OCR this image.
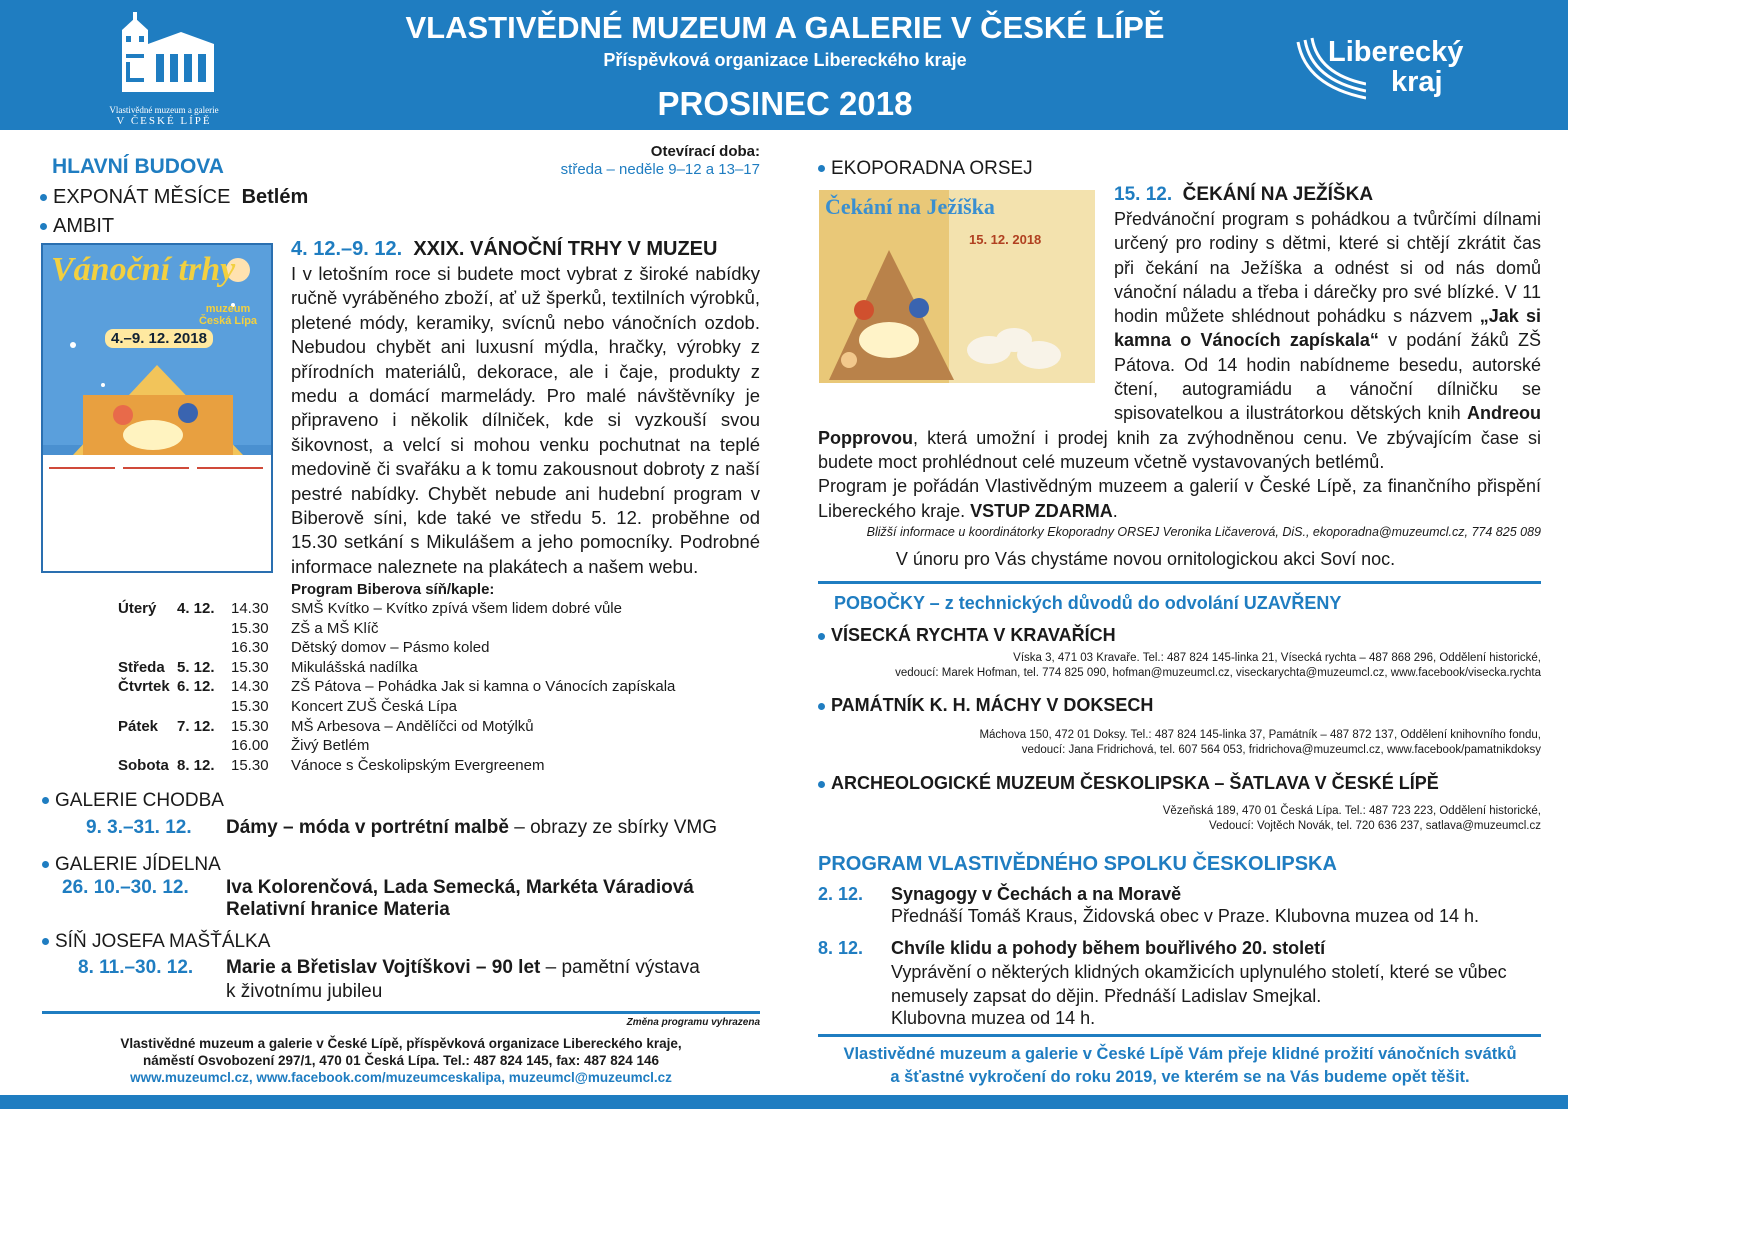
Vlastivědné muzeum a galerie
V ČESKÉ LÍPĚ
VLASTIVĚDNÉ MUZEUM A GALERIE V ČESKÉ LÍPĚ
Příspěvková organizace Libereckého kraje
PROSINEC 2018
Liberecký
kraj
HLAVNÍ BUDOVA
Otevírací doba:
středa – neděle 9–12 a 13–17
EXPONÁT MĚSÍCE Betlém
AMBIT
Vánoční trhy
muzeum Česká Lípa
4.–9. 12. 2018
4. 12.–9. 12. XXIX. VÁNOČNÍ TRHY V MUZEU
I v letošním roce si budete moct vybrat z široké nabídky ručně vyráběného zboží, ať už šperků, textilních výrobků, pletené módy, keramiky, svícnů nebo vánočních ozdob. Nebudou chybět ani luxusní mýdla, hračky, výrobky z přírodních materiálů, dekorace, ale i čaje, produkty z medu a domácí marmelády. Pro malé návštěvníky je připraveno i několik dílniček, kde si vyzkouší svou šikovnost, a velcí si mohou venku pochutnat na teplé medovině či svařáku a k tomu zakousnout dobroty z naší pestré nabídky. Chybět nebude ani hudební program v Biberově síni, kde také ve středu 5. 12. proběhne od 15.30 setkání s Mikulášem a jeho pomocníky. Podrobné informace naleznete na plakátech a našem webu.
Program Biberova síň/kaple:
Úterý 4. 12. 14.30 SMŠ Kvítko – Kvítko zpívá všem lidem dobré vůle
15.30 ZŠ a MŠ Klíč
16.30 Dětský domov – Pásmo koled
Středa 5. 12. 15.30 Mikulášská nadílka
Čtvrtek 6. 12. 14.30 ZŠ Pátova – Pohádka Jak si kamna o Vánocích zapískala
15.30 Koncert ZUŠ Česká Lípa
Pátek 7. 12. 15.30 MŠ Arbesova – Andělíčci od Motýlků
16.00 Živý Betlém
Sobota 8. 12. 15.30 Vánoce s Českolipským Evergreenem
GALERIE CHODBA
9. 3.–31. 12. Dámy – móda v portrétní malbě – obrazy ze sbírky VMG
GALERIE JÍDELNA
26. 10.–30. 12. Iva Kolorenčová, Lada Semecká, Markéta Váradiová
Relativní hranice Materia
SÍŇ JOSEFA MAŠŤÁLKA
8. 11.–30. 12. Marie a Břetislav Vojtíškovi – 90 let – pamětní výstava
k životnímu jubileu
Změna programu vyhrazena
Vlastivědné muzeum a galerie v České Lípě, příspěvková organizace Libereckého kraje,
náměstí Osvobození 297/1, 470 01 Česká Lípa. Tel.: 487 824 145, fax: 487 824 146
www.muzeumcl.cz, www.facebook.com/muzeumceskalipa, muzeumcl@muzeumcl.cz
EKOPORADNA ORSEJ
Čekání na Ježíška
15. 12. 2018
15. 12. ČEKÁNÍ NA JEŽÍŠKA
Předvánoční program s pohádkou a tvůrčími dílnami určený pro rodiny s dětmi, které si chtějí zkrátit čas při čekání na Ježíška a odnést si od nás domů vánoční náladu a třeba i dárečky pro své blízké. V 11 hodin můžete shlédnout pohádku s názvem „Jak si kamna o Vánocích zapískala“ v podání žáků ZŠ Pátova. Od 14 hodin nabídneme besedu, autorské čtení, autogramiádu a vánoční dílničku se spisovatelkou a ilustrátorkou dětských knih Andreou Popprovou, která umožní i prodej knih za zvýhodněnou cenu. Ve zbývajícím čase si budete moct prohlédnout celé muzeum včetně vystavovaných betlémů.
Program je pořádán Vlastivědným muzeem a galerií v České Lípě, za finančního přispění Libereckého kraje. VSTUP ZDARMA.
Bližší informace u koordinátorky Ekoporadny ORSEJ Veronika Ličaverová, DiS., ekoporadna@muzeumcl.cz, 774 825 089
V únoru pro Vás chystáme novou ornitologickou akci Soví noc.
POBOČKY – z technických důvodů do odvolání UZAVŘENY
VÍSECKÁ RYCHTA V KRAVAŘÍCH
Víska 3, 471 03 Kravaře. Tel.: 487 824 145-linka 21, Vísecká rychta – 487 868 296, Oddělení historické,
vedoucí: Marek Hofman, tel. 774 825 090, hofman@muzeumcl.cz, viseckarychta@muzeumcl.cz, www.facebook/visecka.rychta
PAMÁTNÍK K. H. MÁCHY V DOKSECH
Máchova 150, 472 01 Doksy. Tel.: 487 824 145-linka 37, Památník – 487 872 137, Oddělení knihovního fondu,
vedoucí: Jana Fridrichová, tel. 607 564 053, fridrichova@muzeumcl.cz, www.facebook/pamatnikdoksy
ARCHEOLOGICKÉ MUZEUM ČESKOLIPSKA – ŠATLAVA V ČESKÉ LÍPĚ
Vězeňská 189, 470 01 Česká Lípa. Tel.: 487 723 223, Oddělení historické,
Vedoucí: Vojtěch Novák, tel. 720 636 237, satlava@muzeumcl.cz
PROGRAM VLASTIVĚDNÉHO SPOLKU ČESKOLIPSKA
2. 12. Synagogy v Čechách a na Moravě
Přednáší Tomáš Kraus, Židovská obec v Praze. Klubovna muzea od 14 h.
8. 12. Chvíle klidu a pohody během bouřlivého 20. století
Vyprávění o některých klidných okamžicích uplynulého století, které se vůbec
nemusely zapsat do dějin. Přednáší Ladislav Smejkal.
Klubovna muzea od 14 h.
Vlastivědné muzeum a galerie v České Lípě Vám přeje klidné prožití vánočních svátků
a šťastné vykročení do roku 2019, ve kterém se na Vás budeme opět těšit.
